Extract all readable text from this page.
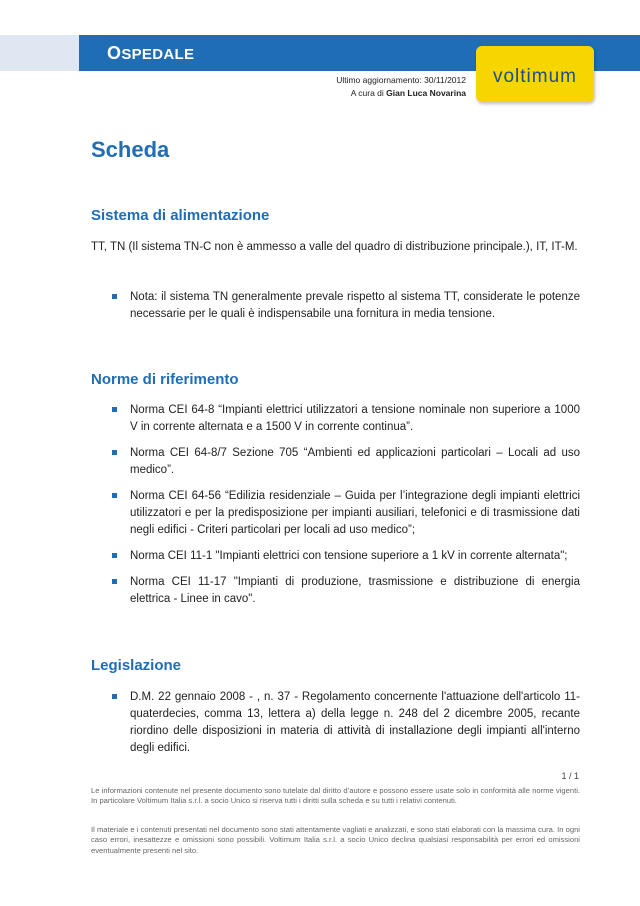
OSPEDALE
voltimum
Ultimo aggiornamento: 30/11/2012
A cura di Gian Luca Novarina
Scheda
Sistema di alimentazione
TT, TN (Il sistema TN-C non è ammesso a valle del quadro di distribuzione principale.), IT, IT-M.
Nota: il sistema TN generalmente prevale rispetto al sistema TT, considerate le potenze necessarie per le quali è indispensabile una fornitura in media tensione.
Norme di riferimento
Norma CEI 64-8 “Impianti elettrici utilizzatori a tensione nominale non superiore a 1000 V in corrente alternata e a 1500 V in corrente continua”.
Norma CEI 64-8/7 Sezione 705 “Ambienti ed applicazioni particolari – Locali ad uso medico”.
Norma CEI 64-56 “Edilizia residenziale – Guida per l’integrazione degli impianti elettrici utilizzatori e per la predisposizione per impianti ausiliari, telefonici e di trasmissione dati negli edifici - Criteri particolari per locali ad uso medico”;
Norma CEI 11-1 "Impianti elettrici con tensione superiore a 1 kV in corrente alternata";
Norma CEI 11-17 "Impianti di produzione, trasmissione e distribuzione di energia elettrica - Linee in cavo".
Legislazione
D.M. 22 gennaio 2008 - , n. 37 - Regolamento concernente l'attuazione dell'articolo 11-quaterdecies, comma 13, lettera a) della legge n. 248 del 2 dicembre 2005, recante riordino delle disposizioni in materia di attività di installazione degli impianti all'interno degli edifici.
1 / 1
Le informazioni contenute nel presente documento sono tutelate dal diritto d’autore e possono essere usate solo in conformità alle norme vigenti. In particolare Voltimum Italia s.r.l. a socio Unico si riserva tutti i diritti sulla scheda e su tutti i relativi contenuti.
Il materiale e i contenuti presentati nel documento sono stati attentamente vagliati e analizzati, e sono stati elaborati con la massima cura. In ogni caso errori, inesattezze e omissioni sono possibili. Voltimum Italia s.r.l. a socio Unico declina qualsiasi responsabilità per errori ed omissioni eventualmente presenti nel sito.
